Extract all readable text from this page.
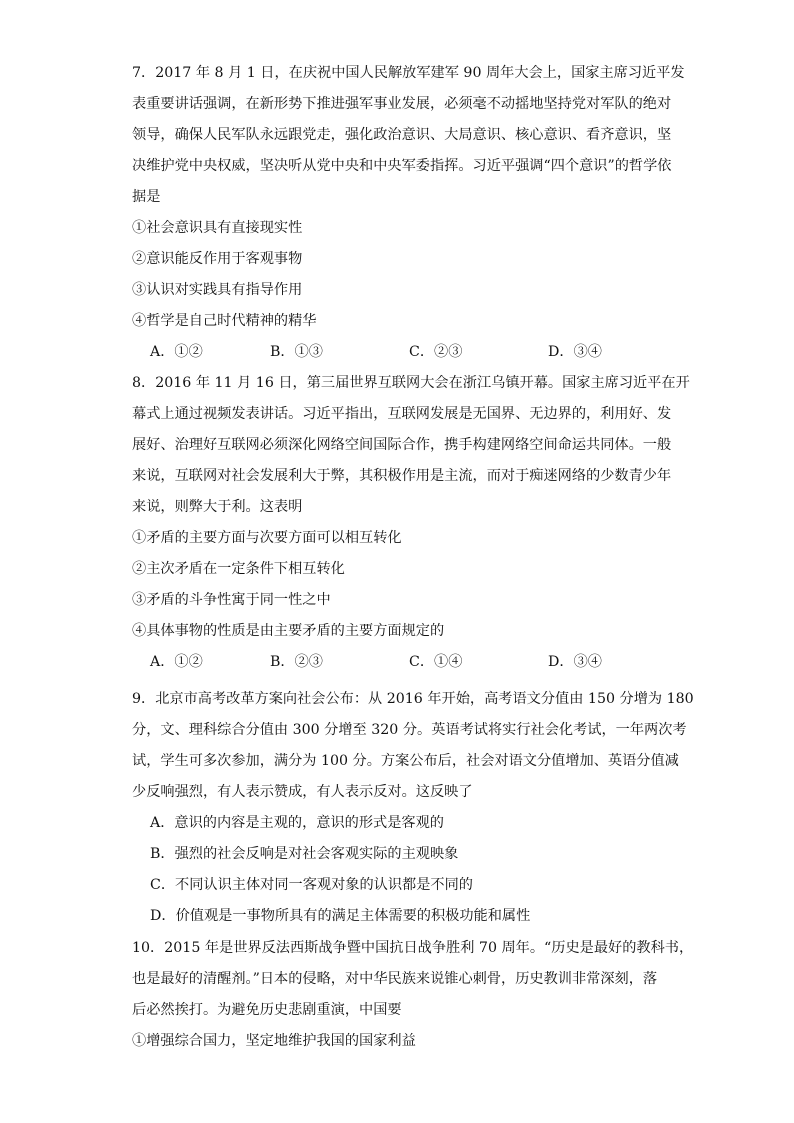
7．2017 年 8 月 1 日，在庆祝中国人民解放军建军 90 周年大会上，国家主席习近平发

表重要讲话强调，在新形势下推进强军事业发展，必须毫不动摇地坚持党对军队的绝对

领导，确保人民军队永远跟党走，强化政治意识、大局意识、核心意识、看齐意识，坚

决维护党中央权威，坚决听从党中央和中央军委指挥。习近平强调“四个意识”的哲学依

据是

①社会意识具有直接现实性

②意识能反作用于客观事物

③认识对实践具有指导作用

④哲学是自己时代精神的精华

A．①②	B．①③	C．②③	D．③④

8．2016 年 11 月 16 日，第三届世界互联网大会在浙江乌镇开幕。国家主席习近平在开

幕式上通过视频发表讲话。习近平指出，互联网发展是无国界、无边界的，利用好、发

展好、治理好互联网必须深化网络空间国际合作，携手构建网络空间命运共同体。一般

来说，互联网对社会发展利大于弊，其积极作用是主流，而对于痴迷网络的少数青少年

来说，则弊大于利。这表明

①矛盾的主要方面与次要方面可以相互转化

②主次矛盾在一定条件下相互转化

③矛盾的斗争性寓于同一性之中

④具体事物的性质是由主要矛盾的主要方面规定的

A．①②	B．②③	C．①④	D．③④

9．北京市高考改革方案向社会公布：从 2016 年开始，高考语文分值由 150 分增为 180

分，文、理科综合分值由 300 分增至 320 分。英语考试将实行社会化考试，一年两次考

试，学生可多次参加，满分为 100 分。方案公布后，社会对语文分值增加、英语分值减

少反响强烈，有人表示赞成，有人表示反对。这反映了

A．意识的内容是主观的，意识的形式是客观的

B．强烈的社会反响是对社会客观实际的主观映象

C．不同认识主体对同一客观对象的认识都是不同的

D．价值观是一事物所具有的满足主体需要的积极功能和属性

10．2015 年是世界反法西斯战争暨中国抗日战争胜利 70 周年。“历史是最好的教科书，

也是最好的清醒剂。”日本的侵略，对中华民族来说锥心刺骨，历史教训非常深刻，落

后必然挨打。为避免历史悲剧重演，中国要

①增强综合国力，坚定地维护我国的国家利益
